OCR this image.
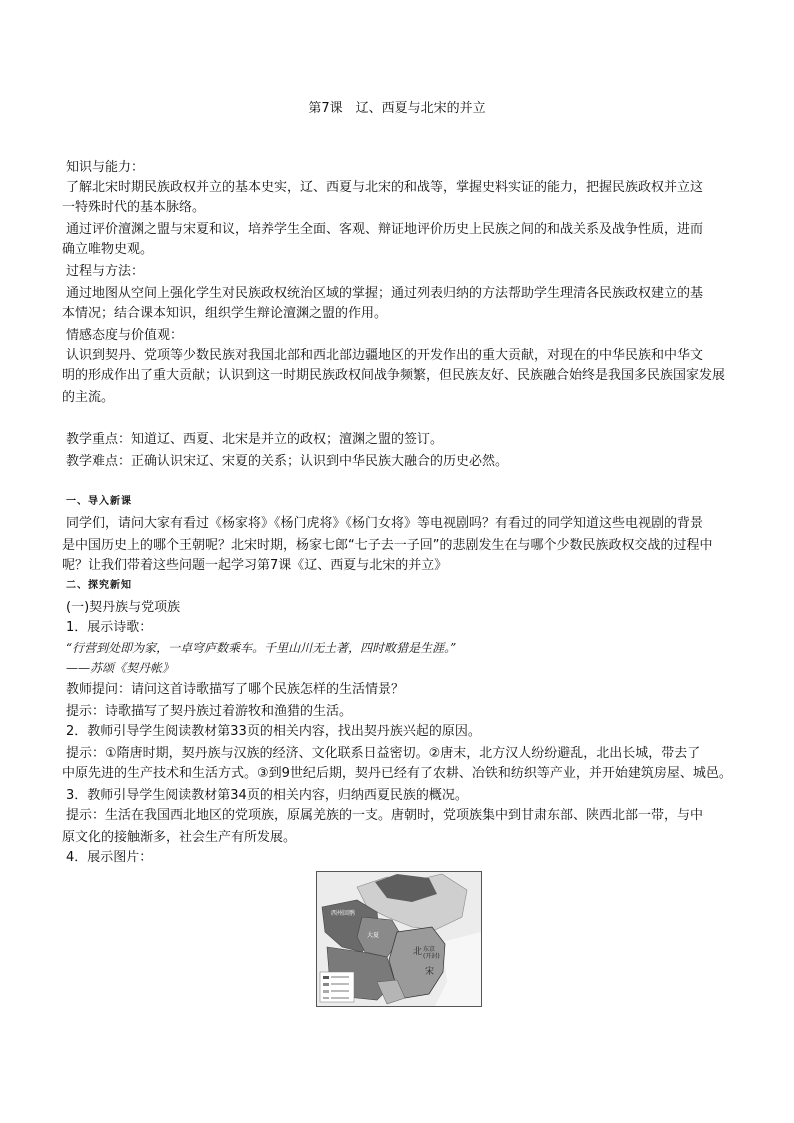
第7课　辽、西夏与北宋的并立
知识与能力：
了解北宋时期民族政权并立的基本史实，辽、西夏与北宋的和战等，掌握史料实证的能力，把握民族政权并立这
一特殊时代的基本脉络。
通过评价澶渊之盟与宋夏和议，培养学生全面、客观、辩证地评价历史上民族之间的和战关系及战争性质，进而
确立唯物史观。
过程与方法：
通过地图从空间上强化学生对民族政权统治区域的掌握；通过列表归纳的方法帮助学生理清各民族政权建立的基
本情况；结合课本知识，组织学生辩论澶渊之盟的作用。
情感态度与价值观：
认识到契丹、党项等少数民族对我国北部和西北部边疆地区的开发作出的重大贡献，对现在的中华民族和中华文
明的形成作出了重大贡献；认识到这一时期民族政权间战争频繁，但民族友好、民族融合始终是我国多民族国家发展
的主流。
教学重点：知道辽、西夏、北宋是并立的政权；澶渊之盟的签订。
教学难点：正确认识宋辽、宋夏的关系；认识到中华民族大融合的历史必然。
一、导入新课
同学们，请问大家有看过《杨家将》《杨门虎将》《杨门女将》等电视剧吗？有看过的同学知道这些电视剧的背景
是中国历史上的哪个王朝呢？北宋时期，杨家七郎“七子去一子回”的悲剧发生在与哪个少数民族政权交战的过程中
呢？让我们带着这些问题一起学习第7课《辽、西夏与北宋的并立》
二、探究新知
(一)契丹族与党项族
1．展示诗歌：
“行营到处即为家，一卓穹庐数乘车。千里山川无土著，四时畋猎是生涯。”
——苏颂《契丹帐》
教师提问：请问这首诗歌描写了哪个民族怎样的生活情景？
提示：诗歌描写了契丹族过着游牧和渔猎的生活。
2．教师引导学生阅读教材第33页的相关内容，找出契丹族兴起的原因。
提示：①隋唐时期，契丹族与汉族的经济、文化联系日益密切。②唐末，北方汉人纷纷避乱，北出长城，带去了
中原先进的生产技术和生活方式。③到9世纪后期，契丹已经有了农耕、冶铁和纺织等产业，并开始建筑房屋、城邑。
3．教师引导学生阅读教材第34页的相关内容，归纳西夏民族的概况。
提示：生活在我国西北地区的党项族，原属羌族的一支。唐朝时，党项族集中到甘肃东部、陕西北部一带，与中
原文化的接触渐多，社会生产有所发展。
4．展示图片：
西州回鹘
大夏
北 东京
(开封)
宋
